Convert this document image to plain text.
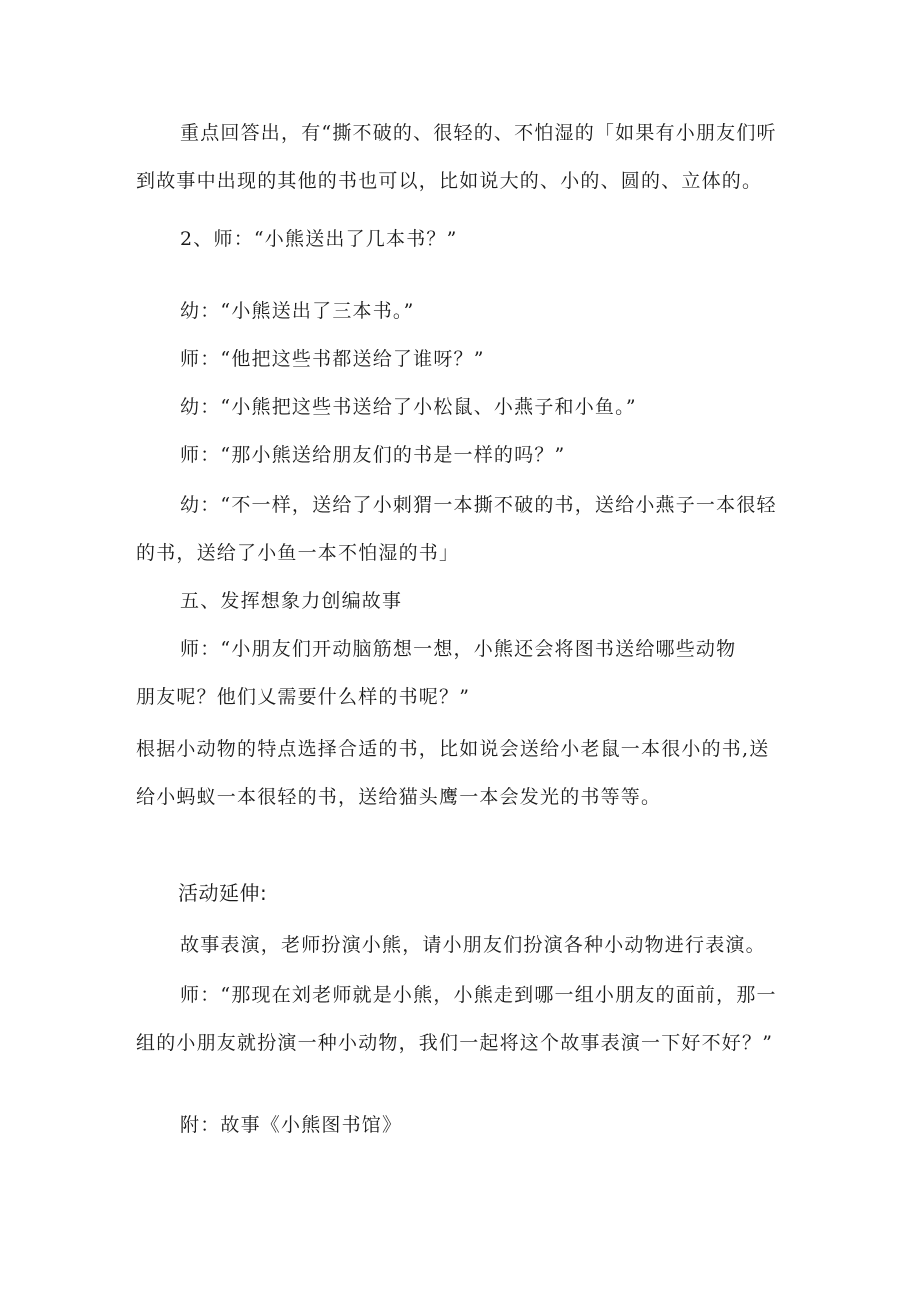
重点回答出，有“撕不破的、很轻的、不怕湿的「如果有小朋友们听
到故事中出现的其他的书也可以，比如说大的、小的、圆的、立体的。
2、师：“小熊送出了几本书？”
幼：“小熊送出了三本书。”
师：“他把这些书都送给了谁呀？”
幼：“小熊把这些书送给了小松鼠、小燕子和小鱼。”
师：“那小熊送给朋友们的书是一样的吗？”
幼：“不一样，送给了小刺猬一本撕不破的书，送给小燕子一本很轻
的书，送给了小鱼一本不怕湿的书」
五、发挥想象力创编故事
师：“小朋友们开动脑筋想一想，小熊还会将图书送给哪些动物
朋友呢？他们乂需要什么样的书呢？”
根据小动物的特点选择合适的书，比如说会送给小老鼠一本很小的书,送
给小蚂蚁一本很轻的书，送给猫头鹰一本会发光的书等等。
活动延伸:
故事表演，老师扮演小熊，请小朋友们扮演各种小动物进行表演。
师：“那现在刘老师就是小熊，小熊走到哪一组小朋友的面前，那一
组的小朋友就扮演一种小动物，我们一起将这个故事表演一下好不好？”
附：故事《小熊图书馆》
